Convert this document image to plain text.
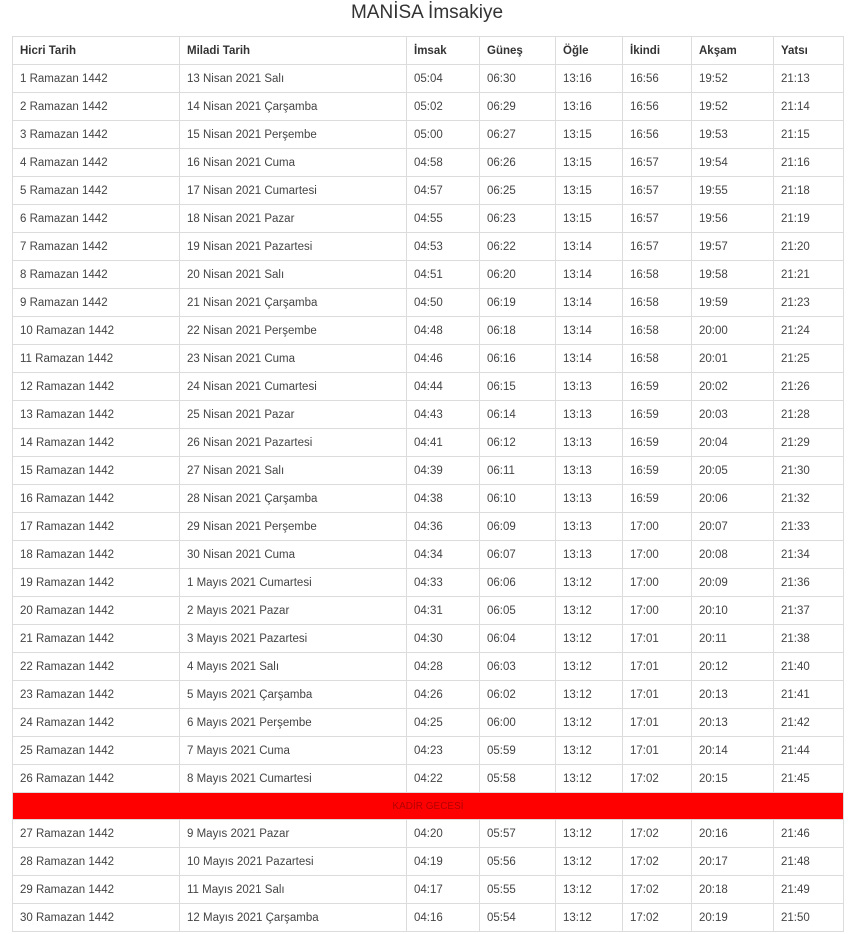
MANİSA İmsakiye
Hicri Tarih	Miladi Tarih	İmsak	Güneş	Öğle	İkindi	Akşam	Yatsı
1 Ramazan 1442	13 Nisan 2021 Salı	05:04	06:30	13:16	16:56	19:52	21:13
2 Ramazan 1442	14 Nisan 2021 Çarşamba	05:02	06:29	13:16	16:56	19:52	21:14
3 Ramazan 1442	15 Nisan 2021 Perşembe	05:00	06:27	13:15	16:56	19:53	21:15
4 Ramazan 1442	16 Nisan 2021 Cuma	04:58	06:26	13:15	16:57	19:54	21:16
5 Ramazan 1442	17 Nisan 2021 Cumartesi	04:57	06:25	13:15	16:57	19:55	21:18
6 Ramazan 1442	18 Nisan 2021 Pazar	04:55	06:23	13:15	16:57	19:56	21:19
7 Ramazan 1442	19 Nisan 2021 Pazartesi	04:53	06:22	13:14	16:57	19:57	21:20
8 Ramazan 1442	20 Nisan 2021 Salı	04:51	06:20	13:14	16:58	19:58	21:21
9 Ramazan 1442	21 Nisan 2021 Çarşamba	04:50	06:19	13:14	16:58	19:59	21:23
10 Ramazan 1442	22 Nisan 2021 Perşembe	04:48	06:18	13:14	16:58	20:00	21:24
11 Ramazan 1442	23 Nisan 2021 Cuma	04:46	06:16	13:14	16:58	20:01	21:25
12 Ramazan 1442	24 Nisan 2021 Cumartesi	04:44	06:15	13:13	16:59	20:02	21:26
13 Ramazan 1442	25 Nisan 2021 Pazar	04:43	06:14	13:13	16:59	20:03	21:28
14 Ramazan 1442	26 Nisan 2021 Pazartesi	04:41	06:12	13:13	16:59	20:04	21:29
15 Ramazan 1442	27 Nisan 2021 Salı	04:39	06:11	13:13	16:59	20:05	21:30
16 Ramazan 1442	28 Nisan 2021 Çarşamba	04:38	06:10	13:13	16:59	20:06	21:32
17 Ramazan 1442	29 Nisan 2021 Perşembe	04:36	06:09	13:13	17:00	20:07	21:33
18 Ramazan 1442	30 Nisan 2021 Cuma	04:34	06:07	13:13	17:00	20:08	21:34
19 Ramazan 1442	1 Mayıs 2021 Cumartesi	04:33	06:06	13:12	17:00	20:09	21:36
20 Ramazan 1442	2 Mayıs 2021 Pazar	04:31	06:05	13:12	17:00	20:10	21:37
21 Ramazan 1442	3 Mayıs 2021 Pazartesi	04:30	06:04	13:12	17:01	20:11	21:38
22 Ramazan 1442	4 Mayıs 2021 Salı	04:28	06:03	13:12	17:01	20:12	21:40
23 Ramazan 1442	5 Mayıs 2021 Çarşamba	04:26	06:02	13:12	17:01	20:13	21:41
24 Ramazan 1442	6 Mayıs 2021 Perşembe	04:25	06:00	13:12	17:01	20:13	21:42
25 Ramazan 1442	7 Mayıs 2021 Cuma	04:23	05:59	13:12	17:01	20:14	21:44
26 Ramazan 1442	8 Mayıs 2021 Cumartesi	04:22	05:58	13:12	17:02	20:15	21:45
KADİR GECESİ							
27 Ramazan 1442	9 Mayıs 2021 Pazar	04:20	05:57	13:12	17:02	20:16	21:46
28 Ramazan 1442	10 Mayıs 2021 Pazartesi	04:19	05:56	13:12	17:02	20:17	21:48
29 Ramazan 1442	11 Mayıs 2021 Salı	04:17	05:55	13:12	17:02	20:18	21:49
30 Ramazan 1442	12 Mayıs 2021 Çarşamba	04:16	05:54	13:12	17:02	20:19	21:50
